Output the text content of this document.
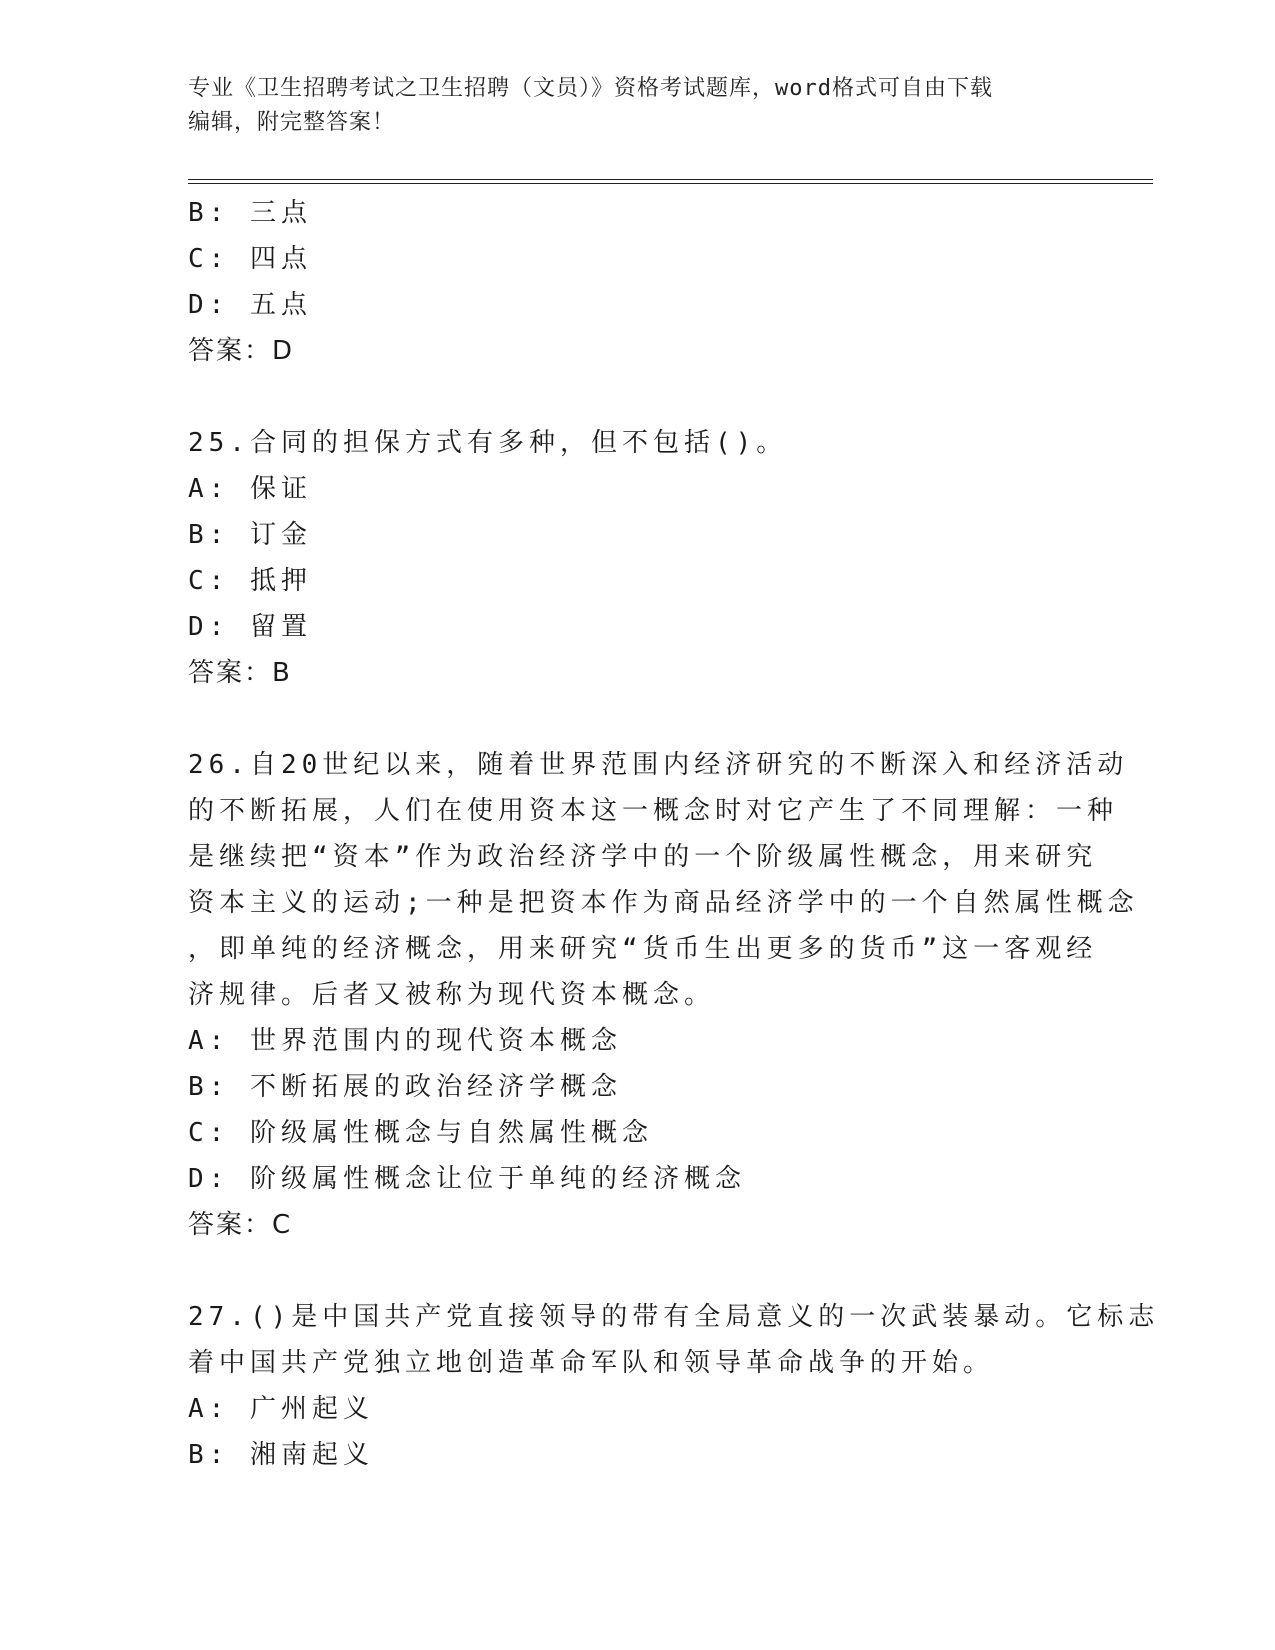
专业《卫生招聘考试之卫生招聘（文员）》资格考试题库，word格式可自由下载
编辑，附完整答案！
B: 三点
C: 四点
D: 五点
答案：D
25.合同的担保方式有多种，但不包括()。
A: 保证
B: 订金
C: 抵押
D: 留置
答案：B
26.自20世纪以来，随着世界范围内经济研究的不断深入和经济活动
的不断拓展，人们在使用资本这一概念时对它产生了不同理解：一种
是继续把“资本”作为政治经济学中的一个阶级属性概念，用来研究
资本主义的运动;一种是把资本作为商品经济学中的一个自然属性概念
，即单纯的经济概念，用来研究“货币生出更多的货币”这一客观经
济规律。后者又被称为现代资本概念。
A: 世界范围内的现代资本概念
B: 不断拓展的政治经济学概念
C: 阶级属性概念与自然属性概念
D: 阶级属性概念让位于单纯的经济概念
答案：C
27.()是中国共产党直接领导的带有全局意义的一次武装暴动。它标志
着中国共产党独立地创造革命军队和领导革命战争的开始。
A: 广州起义
B: 湘南起义
